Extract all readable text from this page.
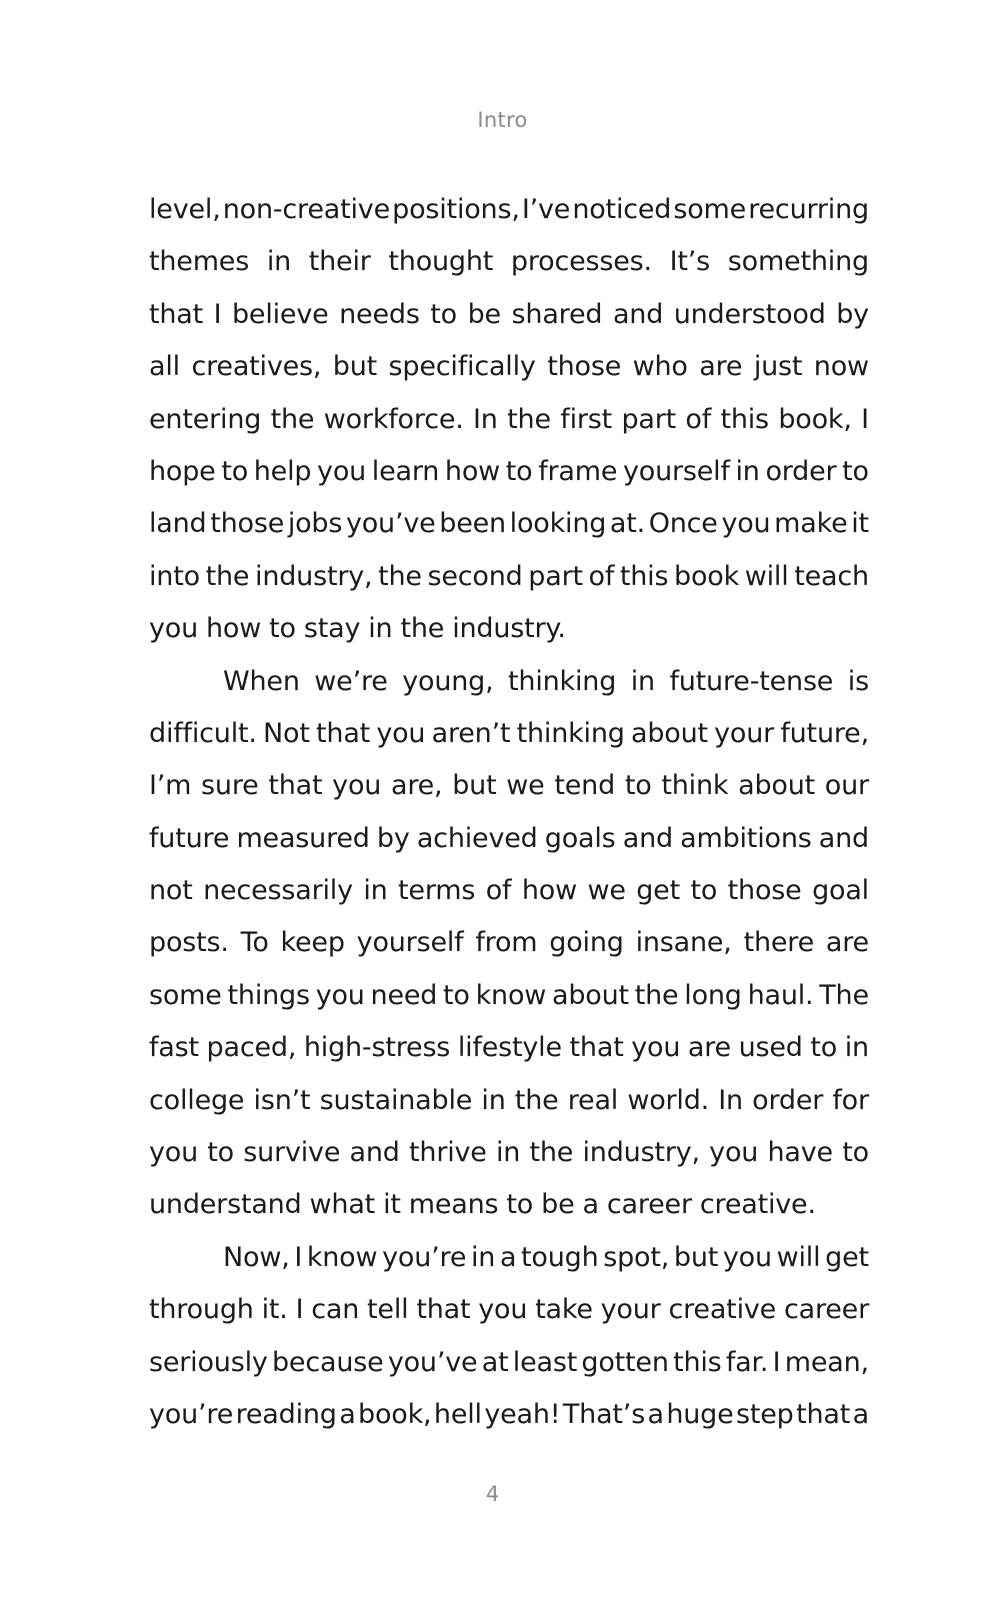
Intro
level, non-creative positions, I’ve noticed some recurring
themes in their thought processes. It’s something
that I believe needs to be shared and understood by
all creatives, but specifically those who are just now
entering the workforce. In the first part of this book, I
hope to help you learn how to frame yourself in order to
land those jobs you’ve been looking at. Once you make it
into the industry, the second part of this book will teach
you how to stay in the industry.
When we’re young, thinking in future-tense is
difficult. Not that you aren’t thinking about your future,
I’m sure that you are, but we tend to think about our
future measured by achieved goals and ambitions and
not necessarily in terms of how we get to those goal
posts. To keep yourself from going insane, there are
some things you need to know about the long haul. The
fast paced, high-stress lifestyle that you are used to in
college isn’t sustainable in the real world. In order for
you to survive and thrive in the industry, you have to
understand what it means to be a career creative.
Now, I know you’re in a tough spot, but you will get
through it. I can tell that you take your creative career
seriously because you’ve at least gotten this far. I mean,
you’re reading a book, hell yeah! That’s a huge step that a
4
